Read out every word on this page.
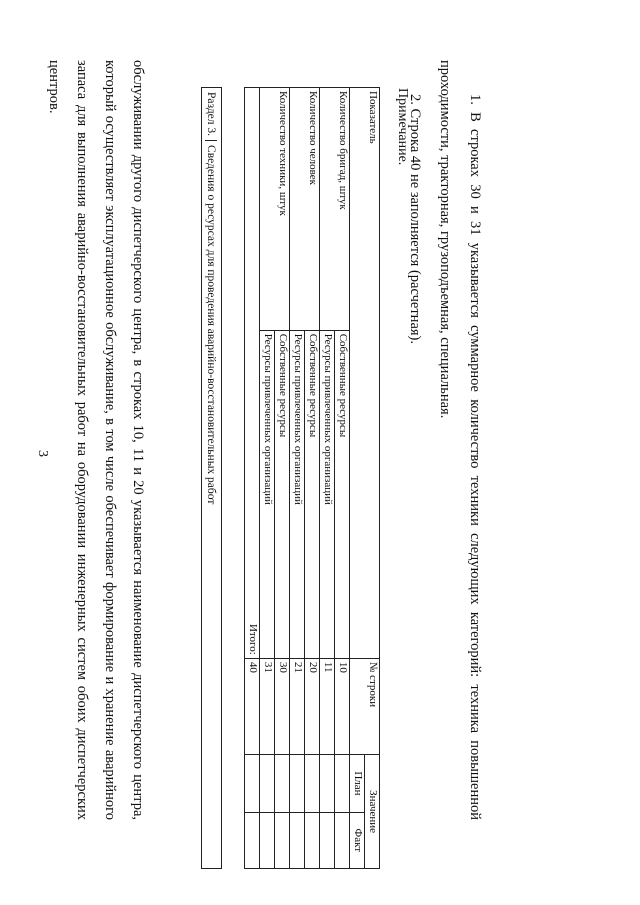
3	обслуживании другого диспетчерского центра, в строках 10, 11 и 20 указывается наименование диспетчерского центра, который осуществляет эксплуатационное обслуживание, в том числе обеспечивает формирование и хранение аварийного запаса для выполнения аварийно-восстановительных работ на оборудовании инженерных систем обоих диспетчерских центров.

Раздел 3.Сведения о ресурсах для проведения аварийно-восстановительных работ
Итого:		40		
Количество техники, штук	Ресурсы привлеченных организаций	31		
	Собственные ресурсы	30		
Количество человек	Ресурсы привлеченных организаций	21		
	Собственные ресурсы	20		
Количество бригад, штук	Ресурсы привлеченных организаций	11		
	Собственные ресурсы	10		
Показатель		№ строки	План	Факт
			Значение	

Примечание.	1. В строках 30 и 31 указывается суммарное количество техники следующих категорий: техника повышенной проходимости, тракторная, грузоподъемная, специальная.

2. Строка 40 не заполняется (расчетная).
